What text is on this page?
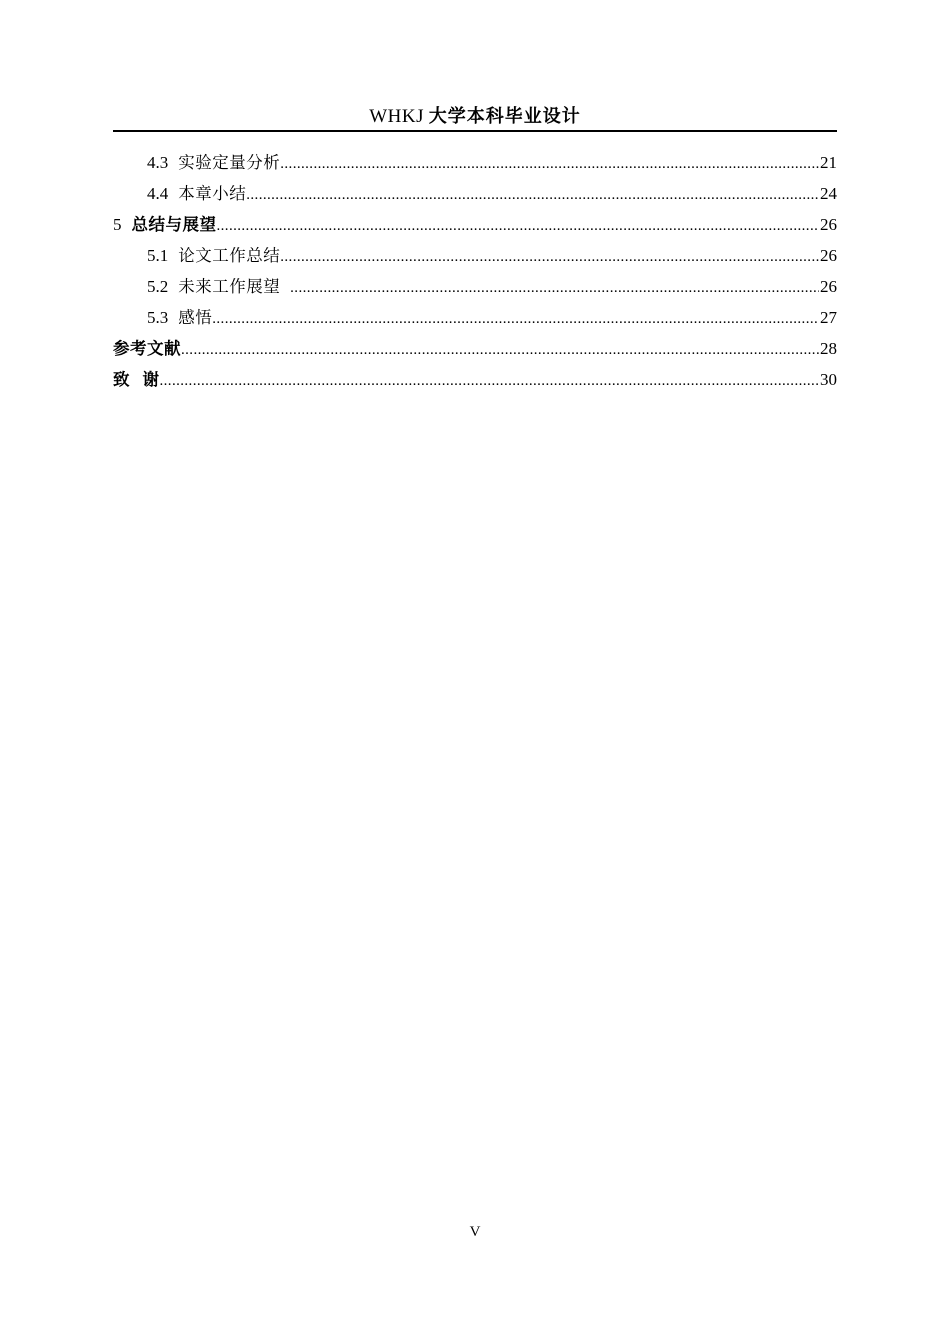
WHKJ 大学本科毕业设计
4.3 实验定量分析 .....	21
4.4 本章小结 .....	24
5 总结与展望 .....	26
5.1 论文工作总结 .....	26
5.2 未来工作展望 .....	26
5.3 感悟 .....	27
参考文献 .....	28
致  谢 .....	30
V
